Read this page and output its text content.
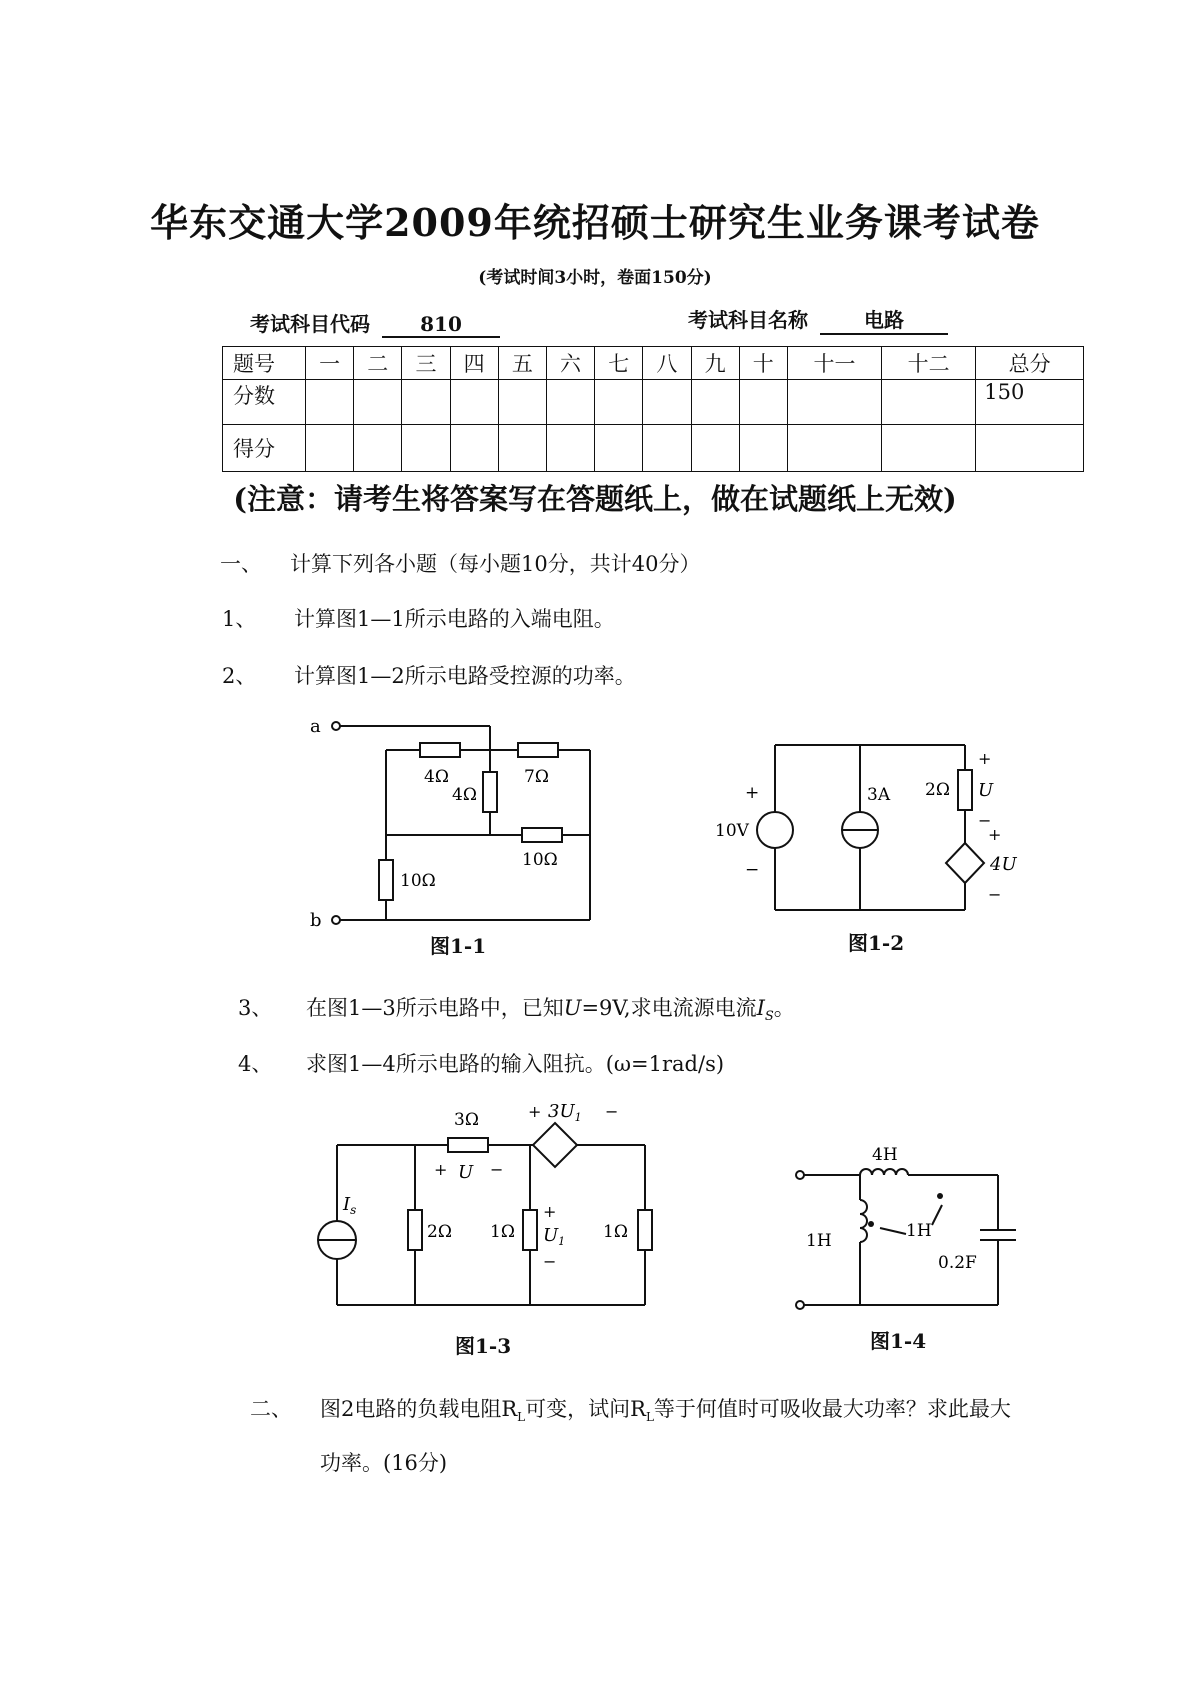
华东交通大学2009年统招硕士研究生业务课考试卷
(考试时间3小时，卷面150分)
考试科目代码	810	考试科目名称	电路
题号	一	二	三	四	五	六	七	八	九	十	十一	十二	总分
分数													150
得分													
(注意：请考生将答案写在答题纸上，做在试题纸上无效)
一、 计算下列各小题（每小题10分，共计40分）
1、 计算图1—1所示电路的入端电阻。
2、 计算图1—2所示电路受控源的功率。
a
b
4Ω	7Ω
4Ω
10Ω
10Ω
图1-1
+
10V
−
3A 2Ω
+
U
−
+
4U
−
图1-2
3、 在图1—3所示电路中，已知U=9V,求电流源电流$I_S$。
4、 求图1—4所示电路的输入阻抗。(ω=1rad/s)
3Ω
+ U −
+ $3U_1$ −
$I_s$
2Ω 1Ω
+
$U_1$
−
1Ω
图1-3
4H
1H	1H
0.2F
图1-4
二、 图2电路的负载电阻$R_L$可变，试问$R_L$等于何值时可吸收最大功率？求此最大
功率。(16分)
